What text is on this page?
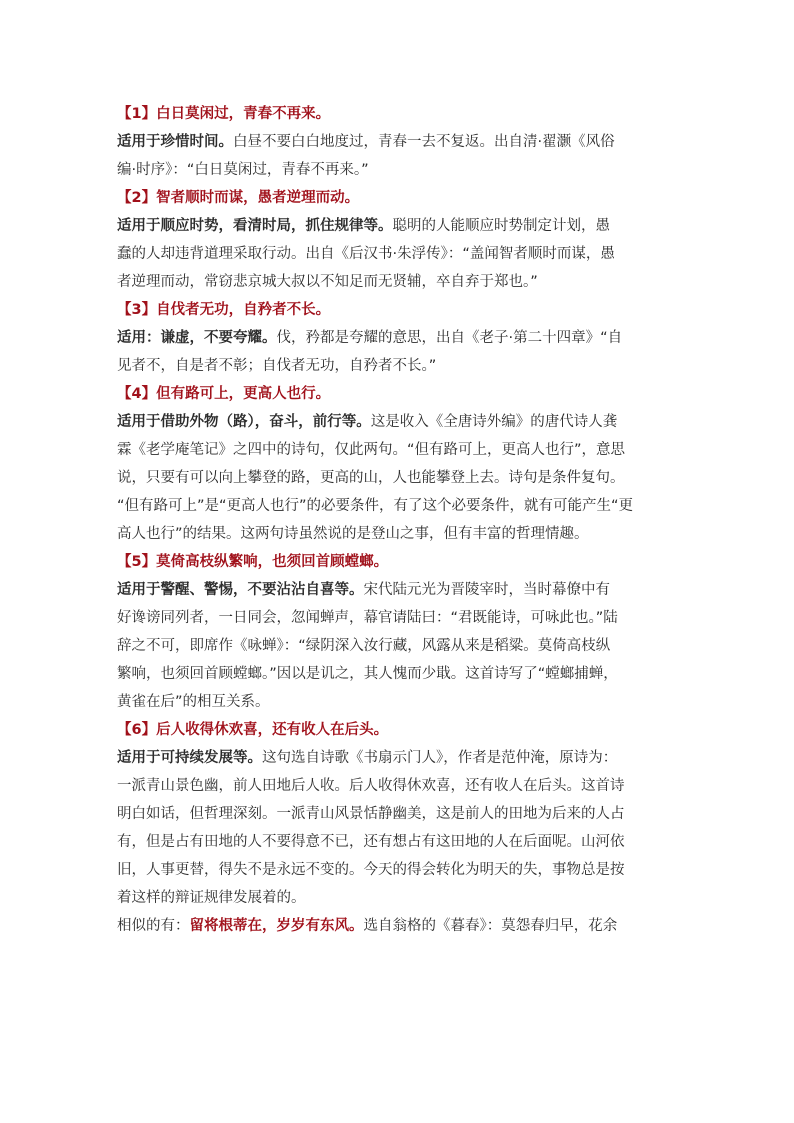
【1】白日莫闲过，青春不再来。

适用于珍惜时间。白昼不要白白地度过，青春一去不复返。出自清·翟灏《风俗
编·时序》：“白日莫闲过，青春不再来。”

【2】智者顺时而谋，愚者逆理而动。

适用于顺应时势，看清时局，抓住规律等。聪明的人能顺应时势制定计划，愚
蠢的人却违背道理采取行动。出自《后汉书·朱浮传》：“盖闻智者顺时而谋，愚
者逆理而动，常窃悲京城大叔以不知足而无贤辅，卒自弃于郑也。”

【3】自伐者无功，自矜者不长。

适用：谦虚，不要夸耀。伐，矜都是夸耀的意思，出自《老子·第二十四章》“自
见者不，自是者不彰；自伐者无功，自矜者不长。”

【4】但有路可上，更高人也行。

适用于借助外物（路），奋斗，前行等。这是收入《全唐诗外编》的唐代诗人龚
霖《老学庵笔记》之四中的诗句，仅此两句。“但有路可上，更高人也行”，意思
说，只要有可以向上攀登的路，更高的山，人也能攀登上去。诗句是条件复句。
“但有路可上”是“更高人也行”的必要条件，有了这个必要条件，就有可能产生“更
高人也行”的结果。这两句诗虽然说的是登山之事，但有丰富的哲理情趣。

【5】莫倚高枝纵繁响，也须回首顾螳螂。

适用于警醒、警惕，不要沾沾自喜等。宋代陆元光为晋陵宰时，当时幕僚中有
好谗谤同列者，一日同会，忽闻蝉声，幕官请陆曰：“君既能诗，可咏此也。”陆
辞之不可，即席作《咏蝉》：“绿阴深入汝行藏，风露从来是稻粱。莫倚高枝纵
繁响，也须回首顾螳螂。”因以是讥之，其人愧而少戢。这首诗写了“螳螂捕蝉，
黄雀在后”的相互关系。

【6】后人收得休欢喜，还有收人在后头。

适用于可持续发展等。这句选自诗歌《书扇示门人》，作者是范仲淹，原诗为：
一派青山景色幽，前人田地后人收。后人收得休欢喜，还有收人在后头。这首诗
明白如话，但哲理深刻。一派青山风景恬静幽美，这是前人的田地为后来的人占
有，但是占有田地的人不要得意不已，还有想占有这田地的人在后面呢。山河依
旧，人事更替，得失不是永远不变的。今天的得会转化为明天的失，事物总是按
着这样的辩证规律发展着的。
相似的有：留将根蒂在，岁岁有东风。选自翁格的《暮春》：莫怨春归早，花余
